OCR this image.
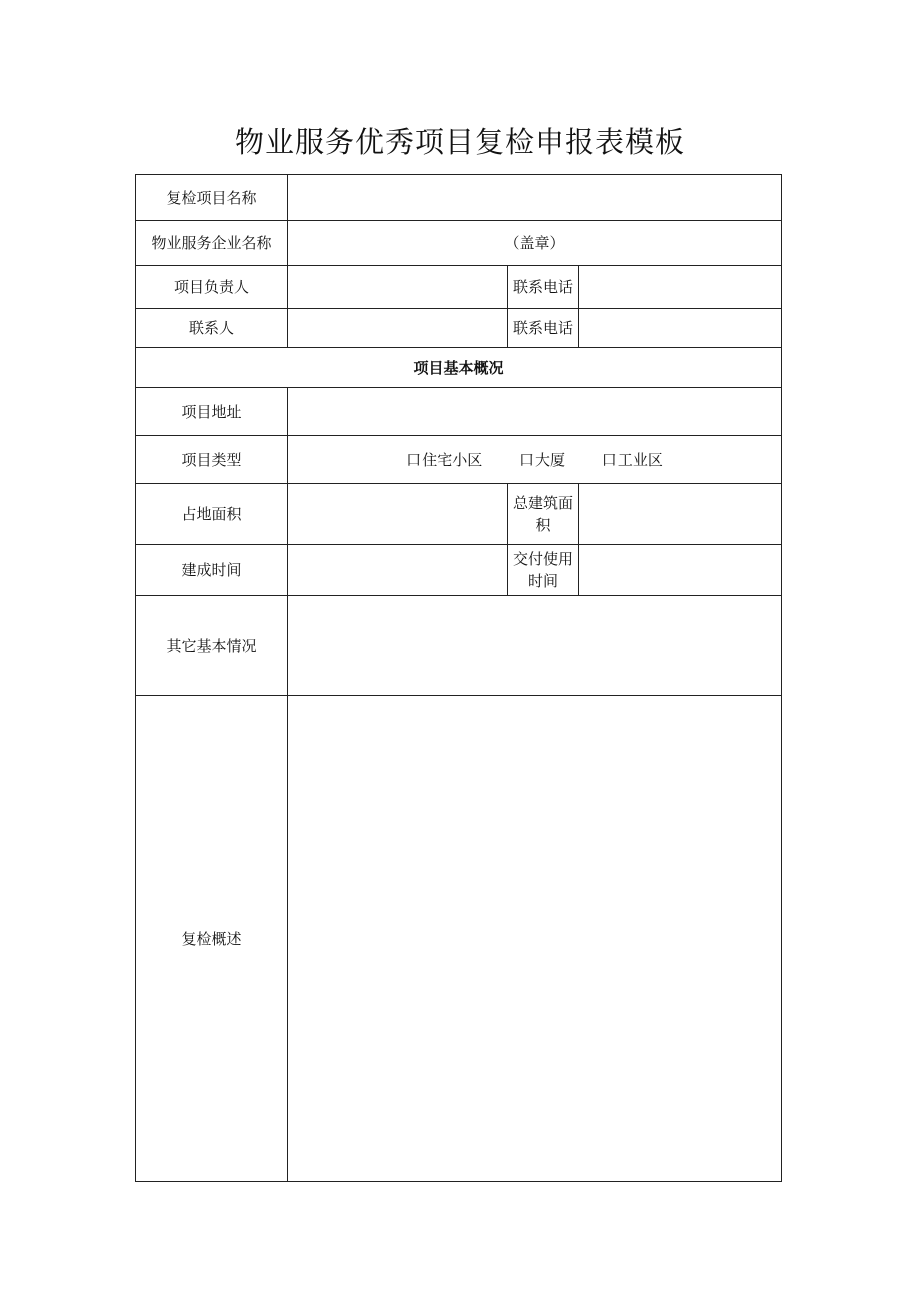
物业服务优秀项目复检申报表模板
复检项目名称			
物业服务企业名称	（盖章）		
项目负责人		联系电话	
联系人		联系电话	
项目基本概况			
项目地址			
项目类型	口住宅小区 口大厦 口工业区		
占地面积		总建筑面积	
建成时间		交付使用时间	
其它基本情况			
复检概述			
